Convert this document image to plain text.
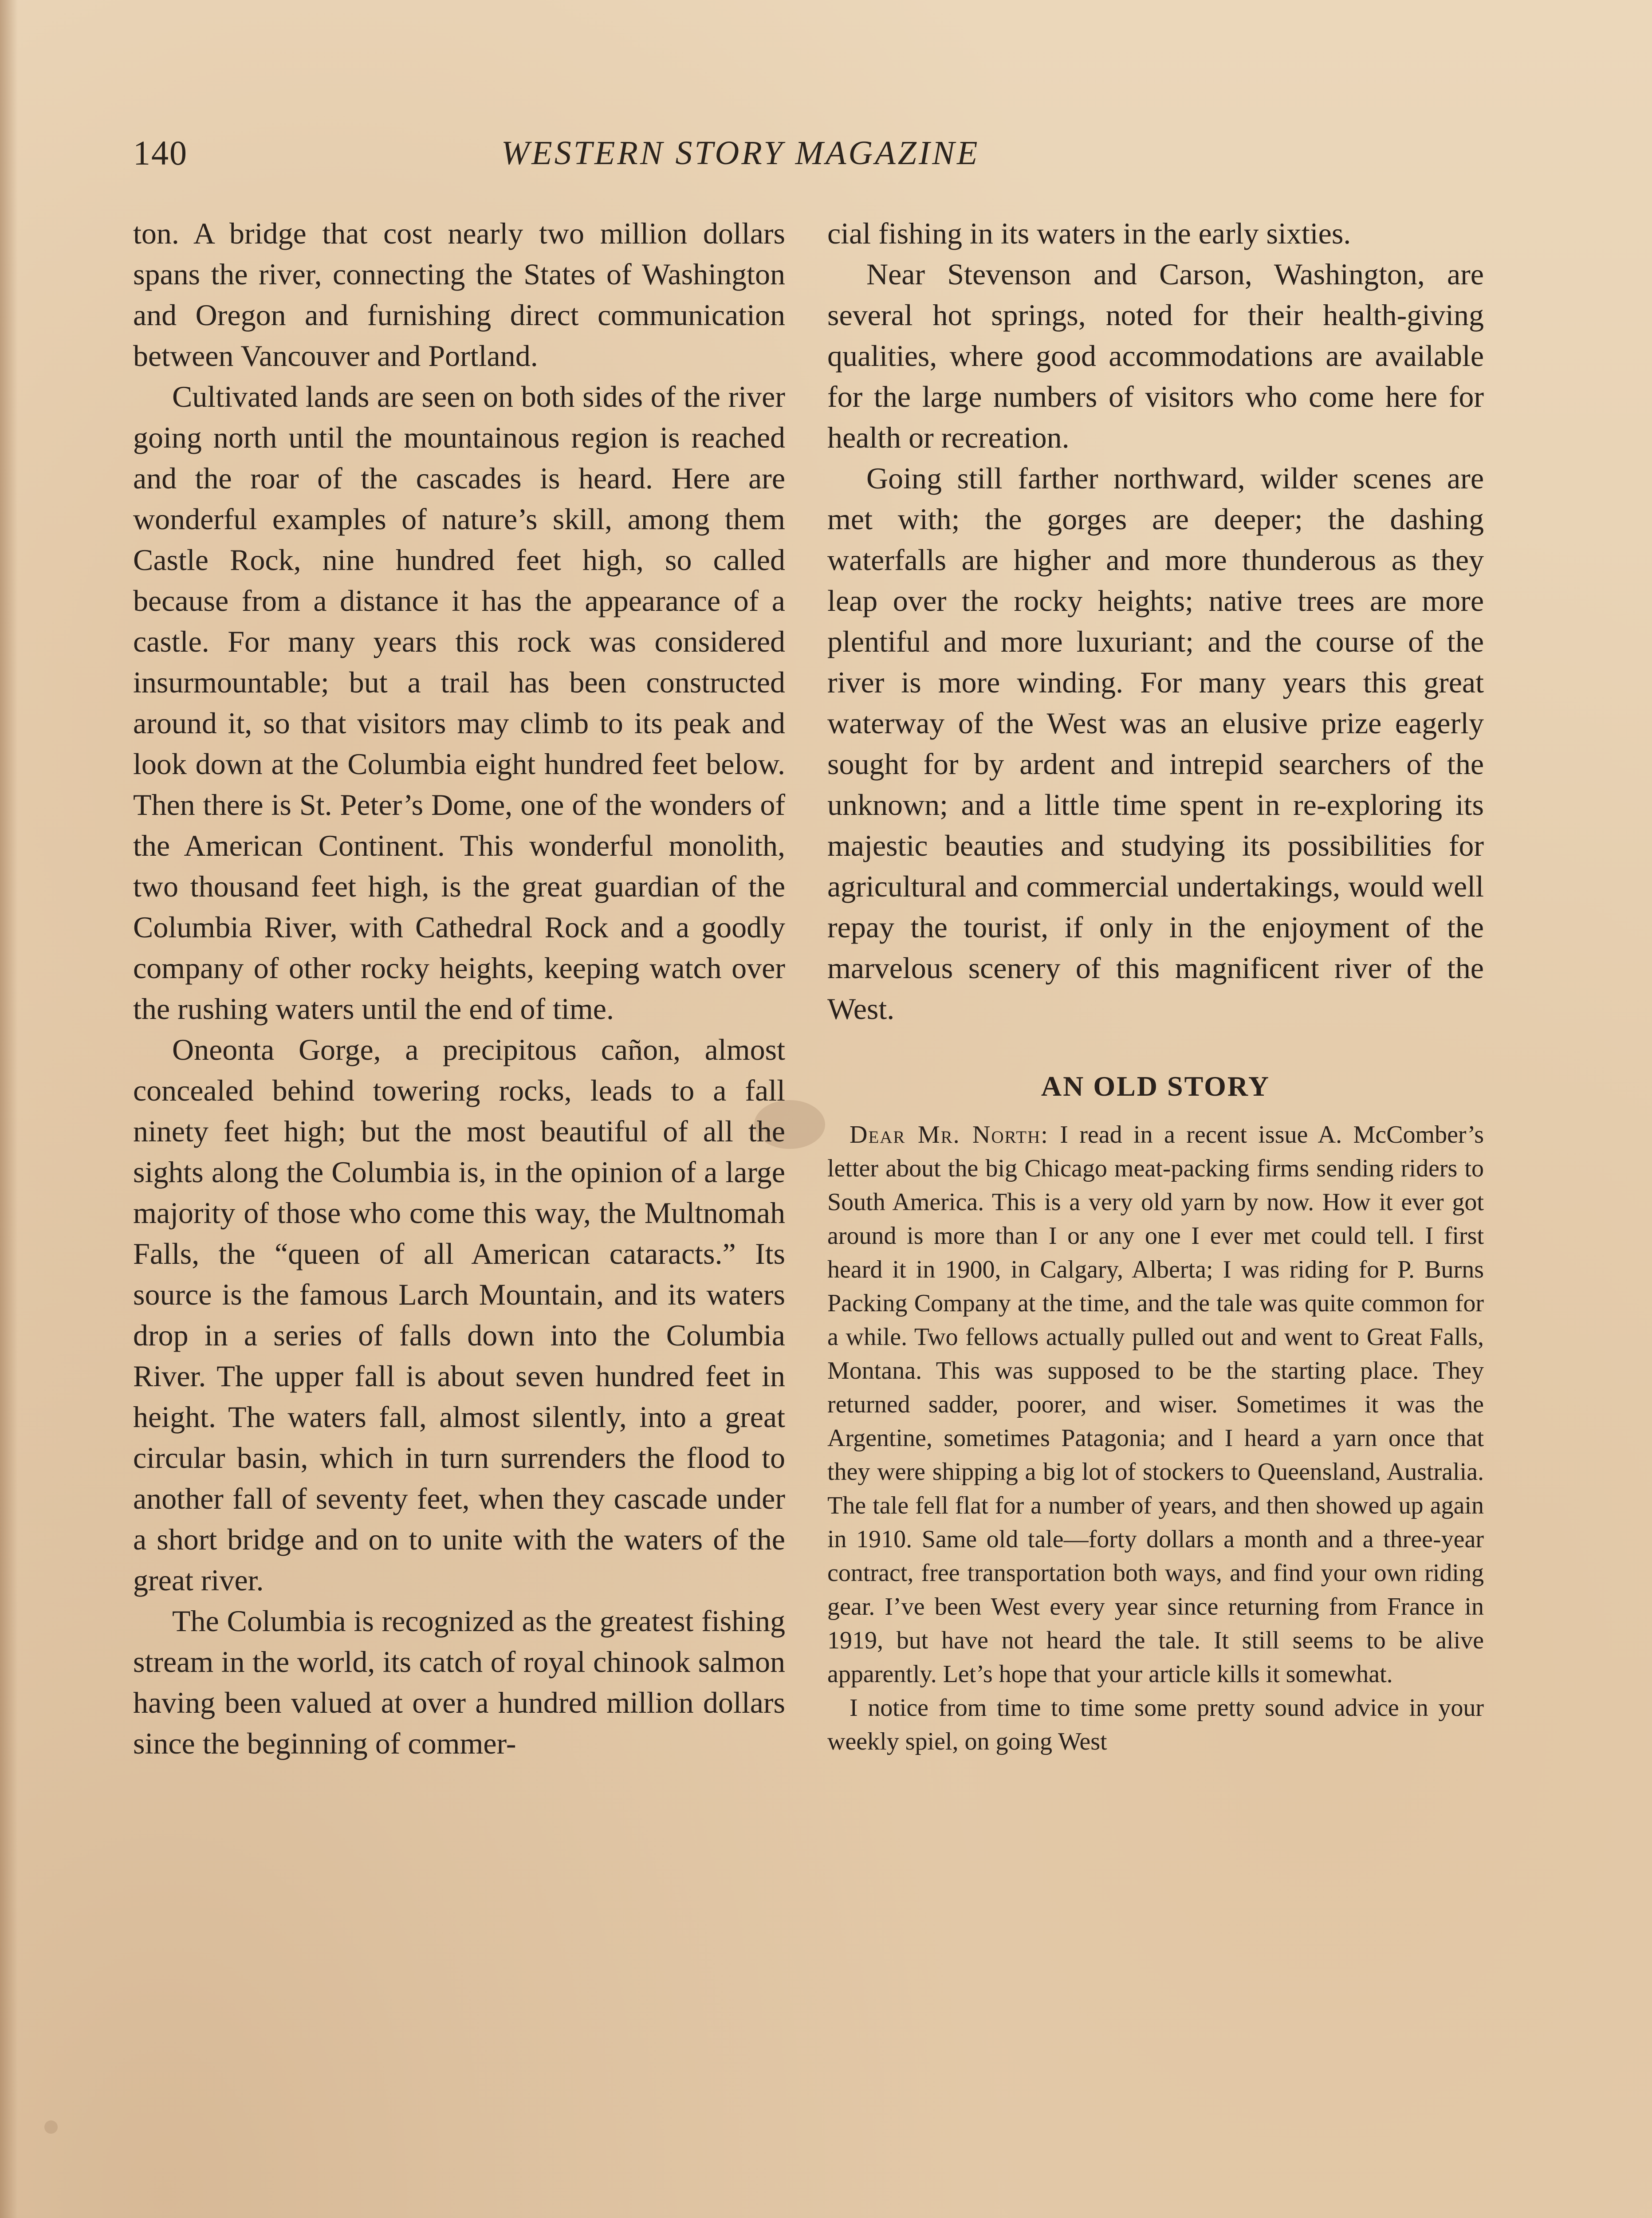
140	WESTERN STORY MAGAZINE

ton. A bridge that cost nearly two million dollars spans the river, connecting the States of Washington and Oregon and furnishing direct communication between Vancouver and Portland.

Cultivated lands are seen on both sides of the river going north until the mountainous region is reached and the roar of the cascades is heard. Here are wonderful examples of nature’s skill, among them Castle Rock, nine hundred feet high, so called because from a distance it has the appearance of a castle. For many years this rock was considered insurmountable; but a trail has been constructed around it, so that visitors may climb to its peak and look down at the Columbia eight hundred feet below. Then there is St. Peter’s Dome, one of the wonders of the American Continent. This wonderful monolith, two thousand feet high, is the great guardian of the Columbia River, with Cathedral Rock and a goodly company of other rocky heights, keeping watch over the rushing waters until the end of time.

Oneonta Gorge, a precipitous cañon, almost concealed behind towering rocks, leads to a fall ninety feet high; but the most beautiful of all the sights along the Columbia is, in the opinion of a large majority of those who come this way, the Multnomah Falls, the “queen of all American cataracts.” Its source is the famous Larch Mountain, and its waters drop in a series of falls down into the Columbia River. The upper fall is about seven hundred feet in height. The waters fall, almost silently, into a great circular basin, which in turn surrenders the flood to another fall of seventy feet, when they cascade under a short bridge and on to unite with the waters of the great river.

The Columbia is recognized as the greatest fishing stream in the world, its catch of royal chinook salmon having been valued at over a hundred million dollars since the beginning of commer-

cial fishing in its waters in the early sixties.

Near Stevenson and Carson, Washington, are several hot springs, noted for their health-giving qualities, where good accommodations are available for the large numbers of visitors who come here for health or recreation.

Going still farther northward, wilder scenes are met with; the gorges are deeper; the dashing waterfalls are higher and more thunderous as they leap over the rocky heights; native trees are more plentiful and more luxuriant; and the course of the river is more winding. For many years this great waterway of the West was an elusive prize eagerly sought for by ardent and intrepid searchers of the unknown; and a little time spent in re-exploring its majestic beauties and studying its possibilities for agricultural and commercial undertakings, would well repay the tourist, if only in the enjoyment of the marvelous scenery of this magnificent river of the West.

AN OLD STORY

Dear Mr. North: I read in a recent issue A. McComber’s letter about the big Chicago meat-packing firms sending riders to South America. This is a very old yarn by now. How it ever got around is more than I or any one I ever met could tell. I first heard it in 1900, in Calgary, Alberta; I was riding for P. Burns Packing Company at the time, and the tale was quite common for a while. Two fellows actually pulled out and went to Great Falls, Montana. This was supposed to be the starting place. They returned sadder, poorer, and wiser. Sometimes it was the Argentine, sometimes Patagonia; and I heard a yarn once that they were shipping a big lot of stockers to Queensland, Australia. The tale fell flat for a number of years, and then showed up again in 1910. Same old tale—forty dollars a month and a three-year contract, free transportation both ways, and find your own riding gear. I’ve been West every year since returning from France in 1919, but have not heard the tale. It still seems to be alive apparently. Let’s hope that your article kills it somewhat.

I notice from time to time some pretty sound advice in your weekly spiel, on going West
